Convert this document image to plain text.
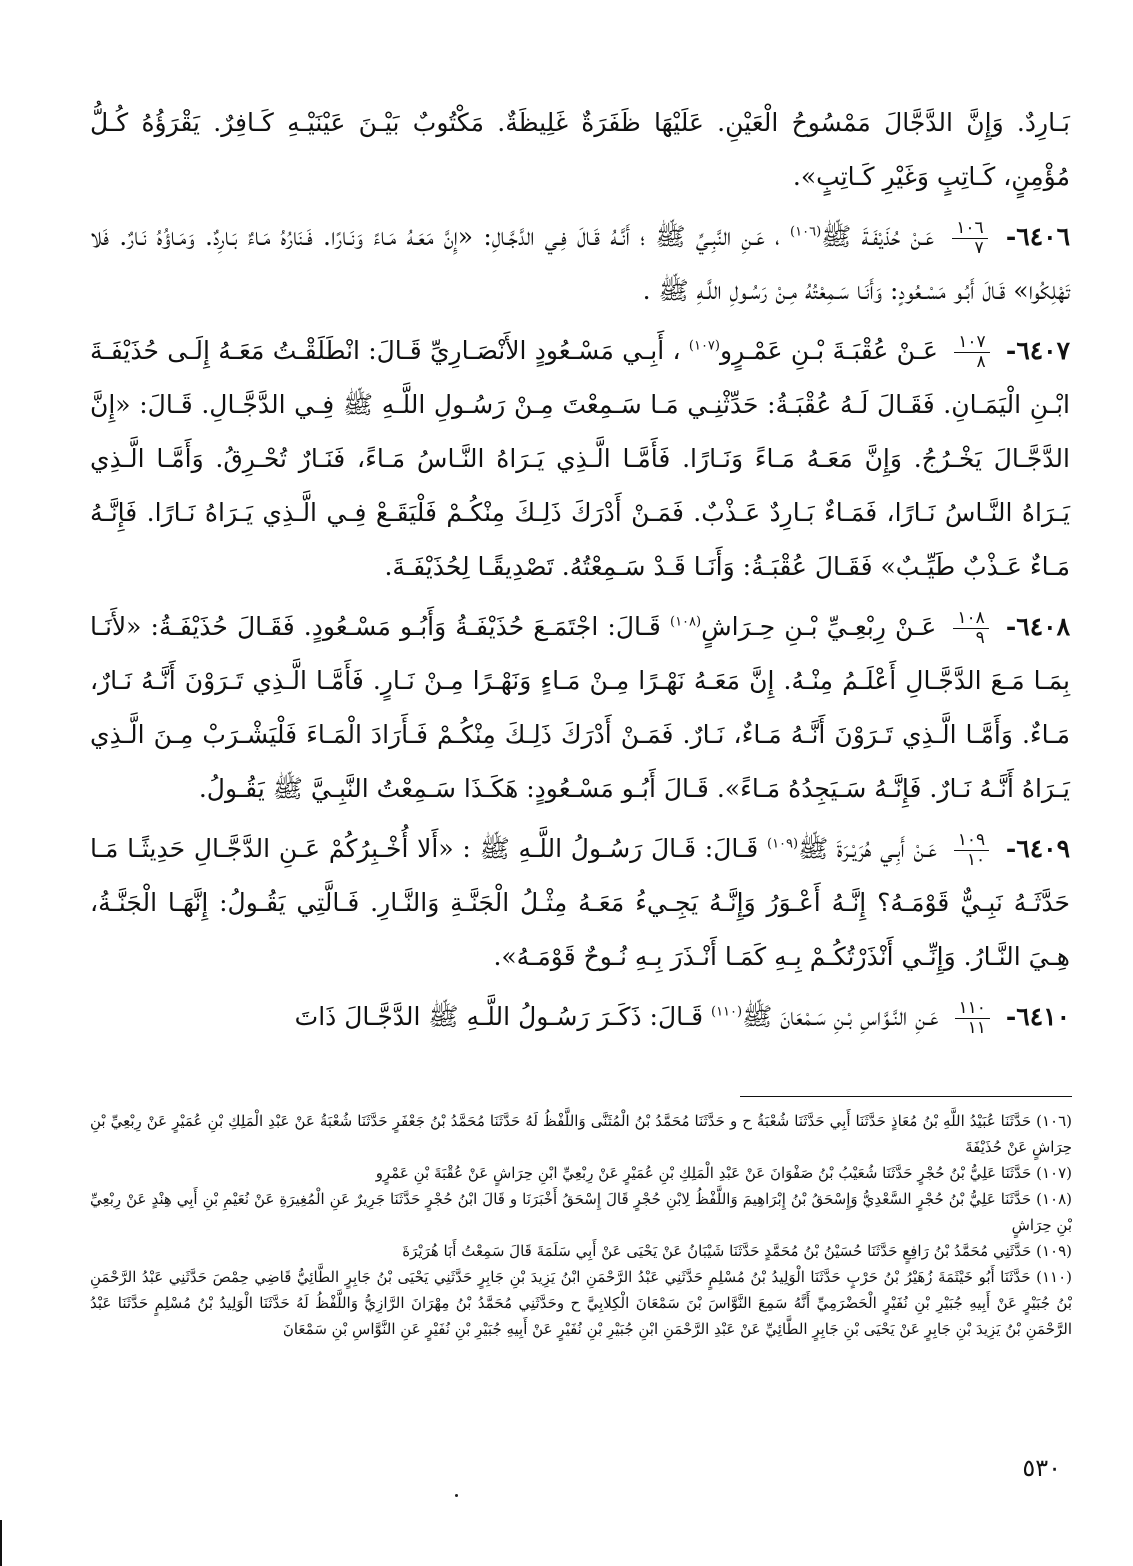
بَـارِدٌ. وَإِنَّ الدَّجَّالَ مَمْسُوحُ الْعَيْنِ. عَلَيْهَا ظَفَرَةٌ غَلِيظَةٌ. مَكْتُوبٌ بَيْـنَ عَيْنَيْـهِ كَـافِرٌ. يَقْرَؤُهُ كُـلُّ مُؤْمِنٍ، كَـاتِبٍ وَغَيْرِ كَـاتِبٍ».

٦٤٠٦-
$\frac{١٠٦}{٧}$
عَـنْ حُذَيْفَـةَ ﷺ$^{(١٠٦)}$ ، عَـنِ النَّبِـيِّ ﷺ ؛ أَنَّـهُ قَـالَ فِـي الدَّجَّـالِ: «إِنَّ مَعَـهُ مَـاءً وَنَـارًا. فَـنَارُهُ مَـاءٌ بَـارِدٌ. وَمَـاؤُهُ نَـارٌ. فَلا تَهْلِكُوا» قَـالَ أَبُـو مَسْـعُودٍ: وَأَنَـا سَـمِعْتُهُ مِـنْ رَسُـولِ اللَّـهِ ﷺ .

٦٤٠٧-
$\frac{١٠٧}{٨}$
عَـنْ عُقْبَـةَ بْـنِ عَمْـرٍو$^{(١٠٧)}$ ، أَبِـي مَسْـعُودٍ الأَنْصَـارِيِّ قَـالَ: انْطَلَقْـتُ مَعَـهُ إِلَـى حُذَيْفَـةَ ابْـنِ الْيَمَـانِ. فَقَـالَ لَـهُ عُقْبَـةُ: حَدِّثْنِـي مَـا سَـمِعْتَ مِـنْ رَسُـولِ اللَّـهِ ﷺ فِـي الدَّجَّـالِ. قَـالَ: «إِنَّ الدَّجَّـالَ يَخْـرُجُ. وَإِنَّ مَعَـهُ مَـاءً وَنَـارًا. فَأَمَّـا الَّـذِي يَـرَاهُ النَّـاسُ مَـاءً، فَنَـارٌ تُحْـرِقُ. وَأَمَّـا الَّـذِي يَـرَاهُ النَّـاسُ نَـارًا، فَمَـاءٌ بَـارِدٌ عَـذْبٌ. فَمَـنْ أَدْرَكَ ذَلِـكَ مِنْكُـمْ فَلْيَقَـعْ فِـي الَّـذِي يَـرَاهُ نَـارًا. فَإِنَّـهُ مَـاءٌ عَـذْبٌ طَيِّـبٌ» فَقَـالَ عُقْبَـةُ: وَأَنَـا قَـدْ سَـمِعْتُهُ. تَصْدِيقًـا لِحُذَيْفَـةَ.

٦٤٠٨-
$\frac{١٠٨}{٩}$
عَـنْ رِبْعِـيِّ بْـنِ حِـرَاشٍ$^{(١٠٨)}$ قَـالَ: اجْتَمَـعَ حُذَيْفَـةُ وَأَبُـو مَسْـعُودٍ. فَقَـالَ حُذَيْفَـةُ: «لأَنَـا بِمَـا مَـعَ الدَّجَّـالِ أَعْلَـمُ مِنْـهُ. إِنَّ مَعَـهُ نَهْـرًا مِـنْ مَـاءٍ وَنَهْـرًا مِـنْ نَـارٍ. فَأَمَّـا الَّـذِي تَـرَوْنَ أَنَّـهُ نَـارٌ، مَـاءٌ. وَأَمَّـا الَّـذِي تَـرَوْنَ أَنَّـهُ مَـاءٌ، نَـارٌ. فَمَـنْ أَدْرَكَ ذَلِـكَ مِنْكُـمْ فَـأَرَادَ الْمَـاءَ فَلْيَشْـرَبْ مِـنَ الَّـذِي يَـرَاهُ أَنَّـهُ نَـارٌ. فَإِنَّـهُ سَـيَجِدُهُ مَـاءً». قَـالَ أَبُـو مَسْـعُودٍ: هَكَـذَا سَـمِعْتُ النَّبِـيَّ ﷺ يَقُـولُ.

٦٤٠٩-
$\frac{١٠٩}{١٠}$
عَـنْ أَبِـي هُرَيْـرَةَ ﷺ$^{(١٠٩)}$ قَـالَ: قَـالَ رَسُـولُ اللَّـهِ ﷺ : «أَلا أُخْـبِرُكُمْ عَـنِ الدَّجَّـالِ حَدِيثًـا مَـا حَدَّثَـهُ نَبِـيٌّ قَوْمَـهُ؟ إِنَّـهُ أَعْـوَرُ وَإِنَّـهُ يَجِـيءُ مَعَـهُ مِثْـلُ الْجَنَّـةِ وَالنَّـارِ. فَـالَّتِي يَقُـولُ: إِنَّهَـا الْجَنَّـةُ، هِـيَ النَّـارُ. وَإِنِّـي أَنْذَرْتُكُـمْ بِـهِ كَمَـا أَنْـذَرَ بِـهِ نُـوحٌ قَوْمَـهُ».

٦٤١٠-
$\frac{١١٠}{١١}$
عَـنِ النَّـوَّاسِ بْـنِ سَـمْعَانَ ﷺ$^{(١١٠)}$ قَـالَ: ذَكَـرَ رَسُـولُ اللَّـهِ ﷺ الدَّجَّـالَ ذَاتَ

(١٠٦) حَدَّثَنَا عُبَيْدُ اللَّهِ بْنُ مُعَاذٍ حَدَّثَنَا أَبِي حَدَّثَنَا شُعْبَةُ ح و حَدَّثَنَا مُحَمَّدُ بْنُ الْمُثَنَّى وَاللَّفْظُ لَهُ حَدَّثَنَا مُحَمَّدُ بْنُ جَعْفَرٍ حَدَّثَنَا شُعْبَةُ عَنْ عَبْدِ الْمَلِكِ بْنِ عُمَيْرٍ عَنْ رِبْعِيِّ بْنِ حِرَاشٍ عَنْ حُذَيْفَةَ

(١٠٧) حَدَّثَنَا عَلِيُّ بْنُ حُجْرٍ حَدَّثَنَا شُعَيْبُ بْنُ صَفْوَانَ عَنْ عَبْدِ الْمَلِكِ بْنِ عُمَيْرٍ عَنْ رِبْعِيِّ ابْنِ حِرَاشٍ عَنْ عُقْبَةَ بْنِ عَمْرٍو

(١٠٨) حَدَّثَنَا عَلِيُّ بْنُ حُجْرٍ السَّعْدِيُّ وَإِسْحَقُ بْنُ إِبْرَاهِيمَ وَاللَّفْظُ لِابْنِ حُجْرٍ قَالَ إِسْحَقُ أَخْبَرَنَا و قَالَ ابْنُ حُجْرٍ حَدَّثَنَا جَرِيرٌ عَنِ الْمُغِيرَةِ عَنْ نُعَيْمِ بْنِ أَبِي هِنْدٍ عَنْ رِبْعِيِّ بْنِ حِرَاشٍ

(١٠٩) حَدَّثَنِي مُحَمَّدُ بْنُ رَافِعٍ حَدَّثَنَا حُسَيْنُ بْنُ مُحَمَّدٍ حَدَّثَنَا شَيْبَانُ عَنْ يَحْيَى عَنْ أَبِي سَلَمَةَ قَالَ سَمِعْتُ أَبَا هُرَيْرَةَ

(١١٠) حَدَّثَنَا أَبُو خَيْثَمَةَ زُهَيْرُ بْنُ حَرْبٍ حَدَّثَنَا الْوَلِيدُ بْنُ مُسْلِمٍ حَدَّثَنِي عَبْدُ الرَّحْمَنِ ابْنُ يَزِيدَ بْنِ جَابِرٍ حَدَّثَنِي يَحْيَى بْنُ جَابِرٍ الطَّائِيُّ قَاضِي حِمْصَ حَدَّثَنِي عَبْدُ الرَّحْمَنِ بْنُ جُبَيْرٍ عَنْ أَبِيهِ جُبَيْرِ بْنِ نُفَيْرٍ الْحَضْرَمِيِّ أَنَّهُ سَمِعَ النَّوَّاسَ بْنَ سَمْعَانَ الْكِلابِيَّ ح وحَدَّثَنِي مُحَمَّدُ بْنُ مِهْرَانَ الرَّازِيُّ وَاللَّفْظُ لَهُ حَدَّثَنَا الْوَلِيدُ بْنُ مُسْلِمٍ حَدَّثَنَا عَبْدُ الرَّحْمَنِ بْنُ يَزِيدَ بْنِ جَابِرٍ عَنْ يَحْيَى بْنِ جَابِرٍ الطَّائِيِّ عَنْ عَبْدِ الرَّحْمَنِ ابْنِ جُبَيْرِ بْنِ نُفَيْرٍ عَنْ أَبِيهِ جُبَيْرِ بْنِ نُفَيْرٍ عَنِ النَّوَّاسِ بْنِ سَمْعَانَ

٥٣٠
